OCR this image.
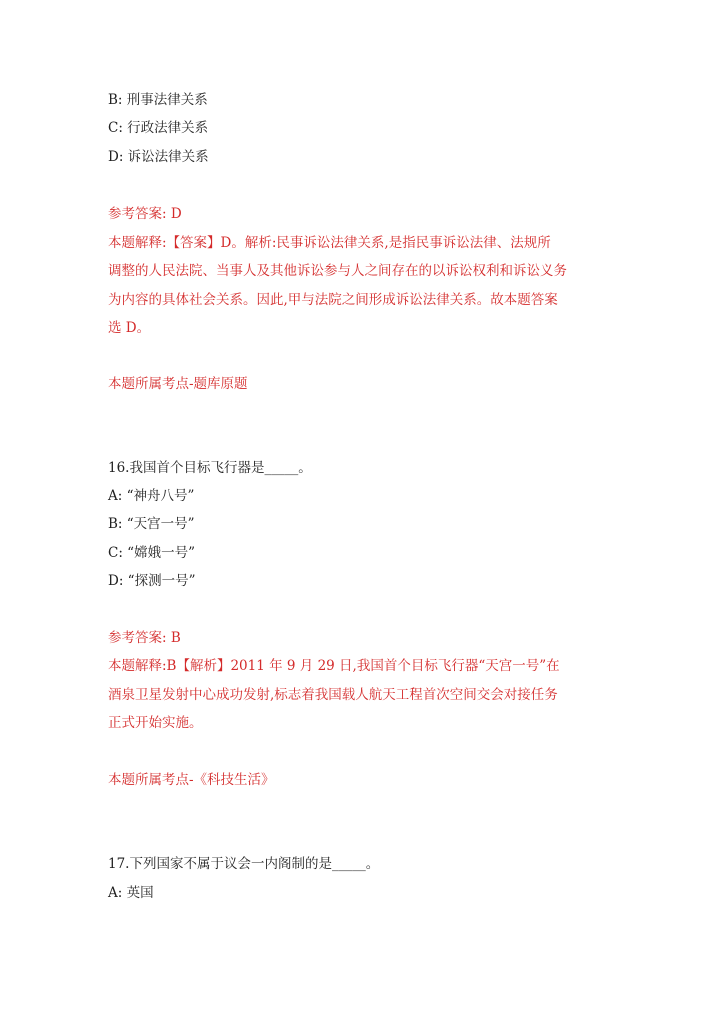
B: 刑事法律关系
C: 行政法律关系
D: 诉讼法律关系
参考答案: D
本题解释:【答案】D。解析:民事诉讼法律关系,是指民事诉讼法律、法规所
调整的人民法院、当事人及其他诉讼参与人之间存在的以诉讼权利和诉讼义务
为内容的具体社会关系。因此,甲与法院之间形成诉讼法律关系。故本题答案
选 D。
本题所属考点-题库原题
16.我国首个目标飞行器是_____。
A: “神舟八号”
B: “天宫一号”
C: “嫦娥一号”
D: “探测一号”
参考答案: B
本题解释:B【解析】2011 年 9 月 29 日,我国首个目标飞行器“天宫一号”在
酒泉卫星发射中心成功发射,标志着我国载人航天工程首次空间交会对接任务
正式开始实施。
本题所属考点-《科技生活》
17.下列国家不属于议会一内阁制的是_____。
A: 英国
